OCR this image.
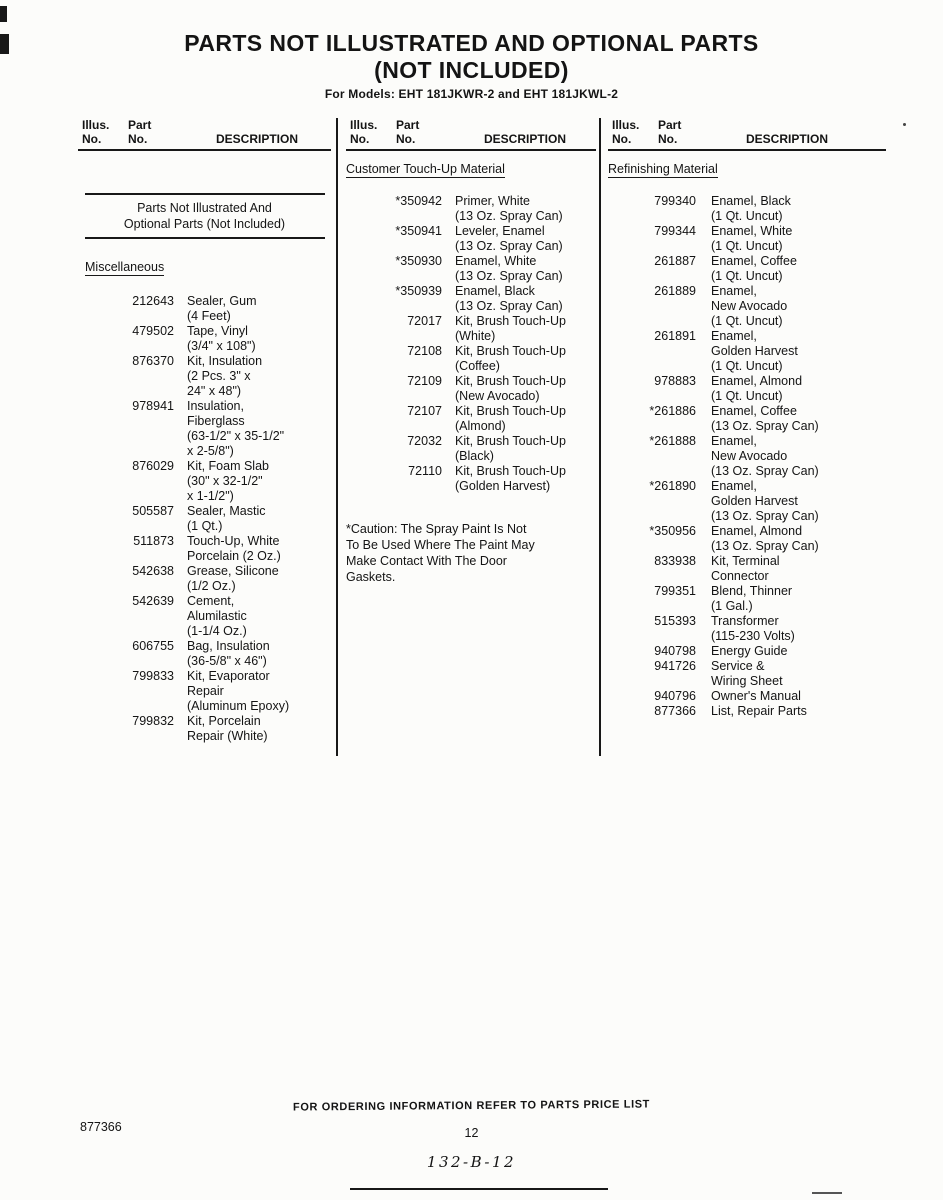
PARTS NOT ILLUSTRATED AND OPTIONAL PARTS
(NOT INCLUDED)
For Models: EHT 181JKWR-2 and EHT 181JKWL-2
Illus.	Part
No.	No.	DESCRIPTION
Parts Not Illustrated And
Optional Parts (Not Included)
Miscellaneous
212643 Sealer, Gum
(4 Feet)
479502 Tape, Vinyl
(3/4" x 108")
876370 Kit, Insulation
(2 Pcs. 3" x
24" x 48")
978941 Insulation,
Fiberglass
(63-1/2" x 35-1/2"
x 2-5/8")
876029 Kit, Foam Slab
(30" x 32-1/2"
x 1-1/2")
505587 Sealer, Mastic
(1 Qt.)
511873 Touch-Up, White
Porcelain (2 Oz.)
542638 Grease, Silicone
(1/2 Oz.)
542639 Cement,
Alumilastic
(1-1/4 Oz.)
606755 Bag, Insulation
(36-5/8" x 46")
799833 Kit, Evaporator
Repair
(Aluminum Epoxy)
799832 Kit, Porcelain
Repair (White)
Illus.	Part
No.	No.	DESCRIPTION
Customer Touch-Up Material
*350942 Primer, White
(13 Oz. Spray Can)
*350941 Leveler, Enamel
(13 Oz. Spray Can)
*350930 Enamel, White
(13 Oz. Spray Can)
*350939 Enamel, Black
(13 Oz. Spray Can)
72017 Kit, Brush Touch-Up
(White)
72108 Kit, Brush Touch-Up
(Coffee)
72109 Kit, Brush Touch-Up
(New Avocado)
72107 Kit, Brush Touch-Up
(Almond)
72032 Kit, Brush Touch-Up
(Black)
72110 Kit, Brush Touch-Up
(Golden Harvest)
*Caution: The Spray Paint Is Not
To Be Used Where The Paint May
Make Contact With The Door
Gaskets.
Illus.	Part
No.	No.	DESCRIPTION
Refinishing Material
799340 Enamel, Black
(1 Qt. Uncut)
799344 Enamel, White
(1 Qt. Uncut)
261887 Enamel, Coffee
(1 Qt. Uncut)
261889 Enamel,
New Avocado
(1 Qt. Uncut)
261891 Enamel,
Golden Harvest
(1 Qt. Uncut)
978883 Enamel, Almond
(1 Qt. Uncut)
*261886 Enamel, Coffee
(13 Oz. Spray Can)
*261888 Enamel,
New Avocado
(13 Oz. Spray Can)
*261890 Enamel,
Golden Harvest
(13 Oz. Spray Can)
*350956 Enamel, Almond
(13 Oz. Spray Can)
833938 Kit, Terminal
Connector
799351 Blend, Thinner
(1 Gal.)
515393 Transformer
(115-230 Volts)
940798 Energy Guide
941726 Service &
Wiring Sheet
940796 Owner's Manual
877366 List, Repair Parts
FOR ORDERING INFORMATION REFER TO PARTS PRICE LIST
877366	12
132-B-12
